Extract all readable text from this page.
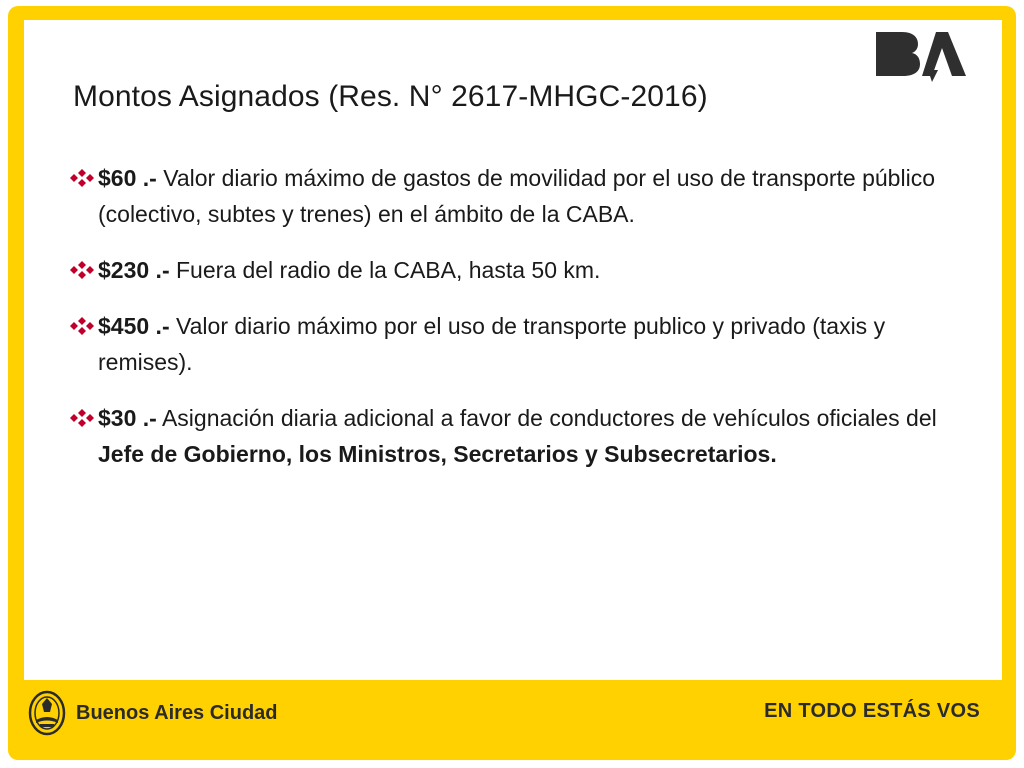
Montos Asignados (Res. N° 2617-MHGC-2016)
$60 .- Valor diario máximo de gastos de movilidad por el uso de transporte público (colectivo, subtes y trenes) en el ámbito de la CABA.
$230 .- Fuera del radio de la CABA, hasta 50 km.
$450 .- Valor diario máximo por el uso de transporte publico y privado (taxis y remises).
$30 .- Asignación diaria adicional a favor de conductores de vehículos oficiales del Jefe de Gobierno, los Ministros, Secretarios y Subsecretarios.
Buenos Aires Ciudad	EN TODO ESTÁS VOS
